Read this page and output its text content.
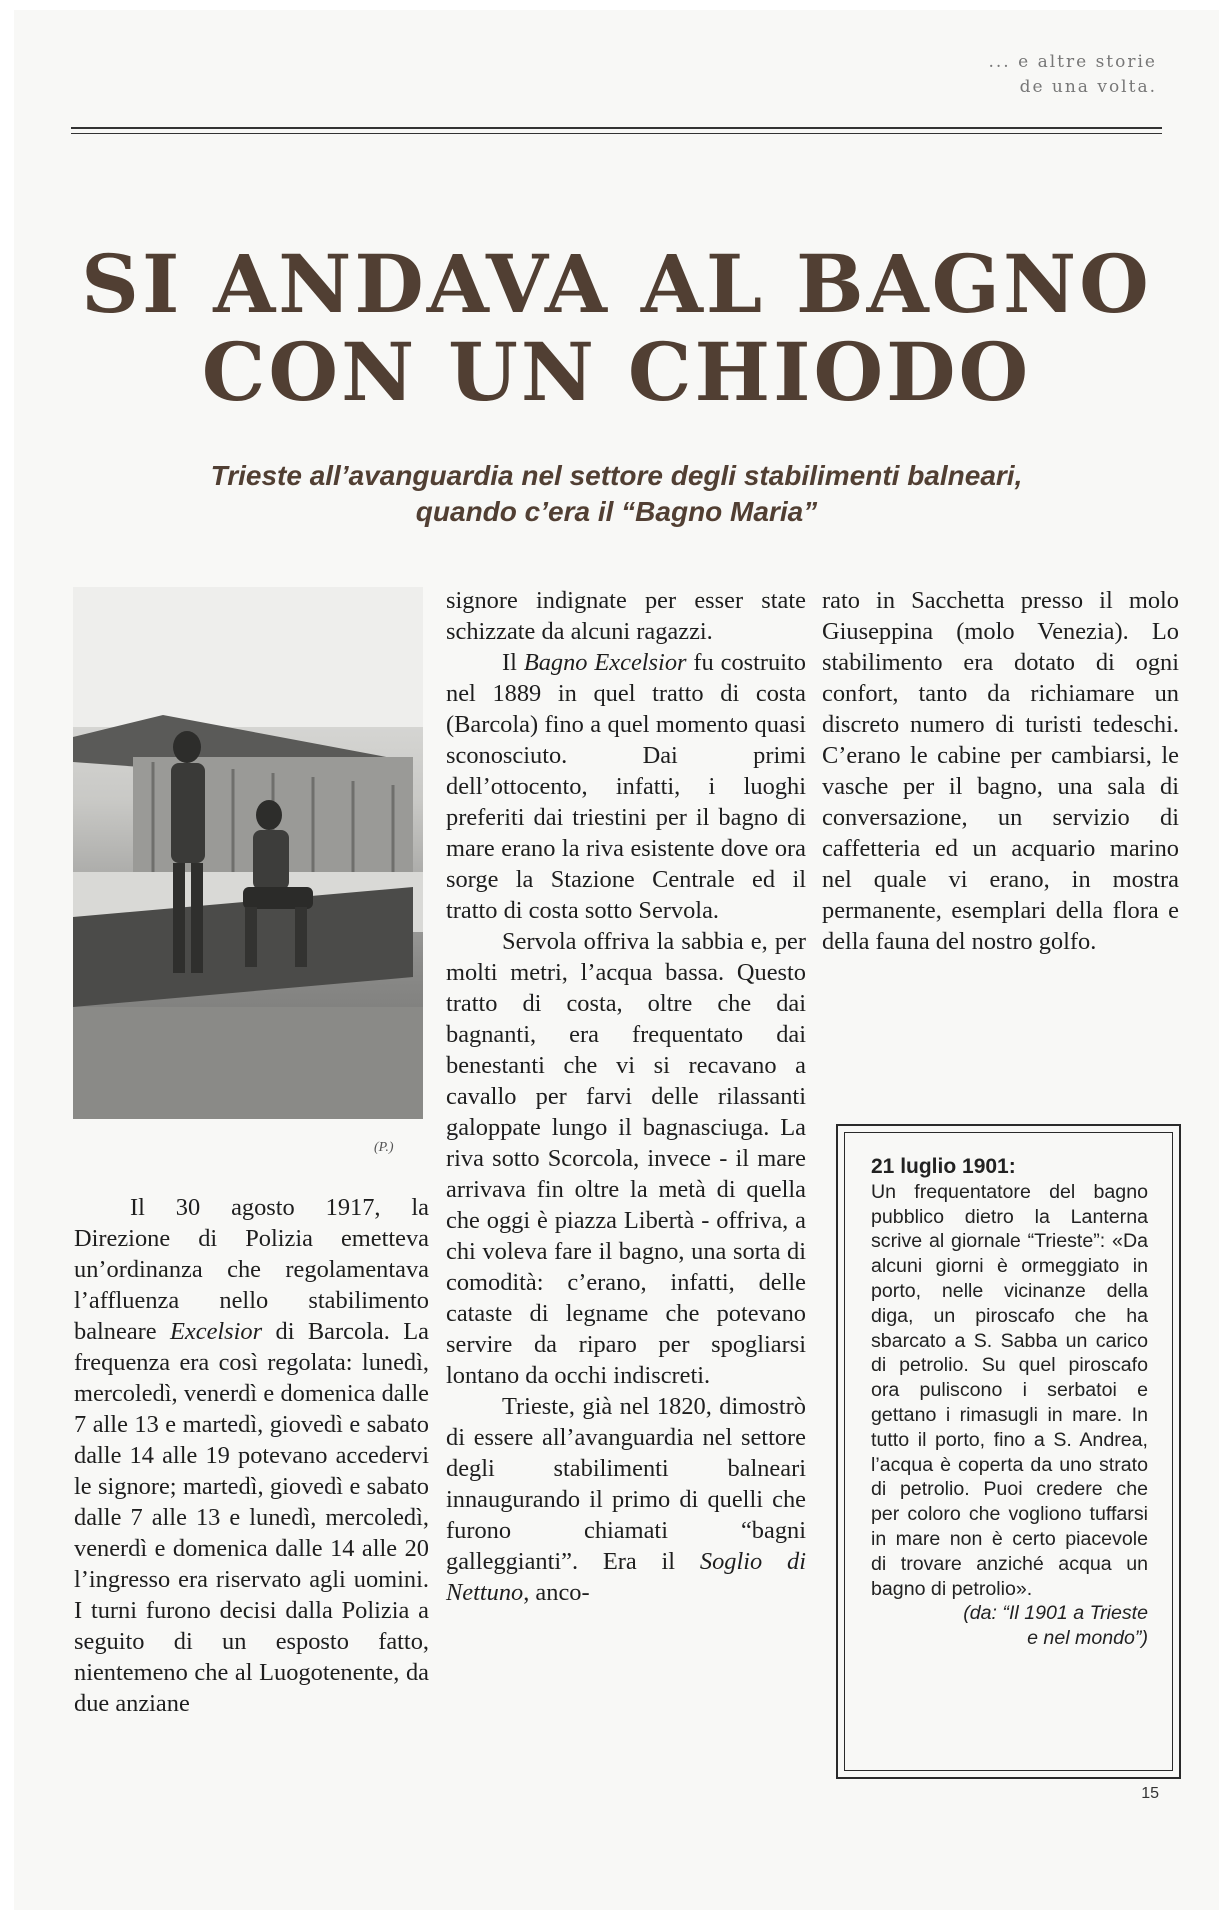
... e altre storie
de una volta.
SI ANDAVA AL BAGNO
CON UN CHIODO
Trieste all’avanguardia nel settore degli stabilimenti balneari,
quando c’era il “Bagno Maria”
(P.)

Il 30 agosto 1917, la Direzione di Polizia emetteva un’ordinanza che regolamentava l’affluenza nello stabilimento balneare Excelsior di Barcola. La frequenza era così regolata: lunedì, mercoledì, venerdì e domenica dalle 7 alle 13 e martedì, giovedì e sabato dalle 14 alle 19 potevano accedervi le signore; martedì, giovedì e sabato dalle 7 alle 13 e lunedì, mercoledì, venerdì e domenica dalle 14 alle 20 l’ingresso era riservato agli uomini. I turni furono decisi dalla Polizia a seguito di un esposto fatto, nientemeno che al Luogotenente, da due anziane

signore indignate per esser state schizzate da alcuni ragazzi.

Il Bagno Excelsior fu costruito nel 1889 in quel tratto di costa (Barcola) fino a quel momento quasi sconosciuto. Dai primi dell’ottocento, infatti, i luoghi preferiti dai triestini per il bagno di mare erano la riva esistente dove ora sorge la Stazione Centrale ed il tratto di costa sotto Servola.

Servola offriva la sabbia e, per molti metri, l’acqua bassa. Questo tratto di costa, oltre che dai bagnanti, era frequentato dai benestanti che vi si recavano a cavallo per farvi delle rilassanti galoppate lungo il bagnasciuga. La riva sotto Scorcola, invece - il mare arrivava fin oltre la metà di quella che oggi è piazza Libertà - offriva, a chi voleva fare il bagno, una sorta di comodità: c’erano, infatti, delle cataste di legname che potevano servire da riparo per spogliarsi lontano da occhi indiscreti.

Trieste, già nel 1820, dimostrò di essere all’avanguardia nel settore degli stabilimenti balneari innaugurando il primo di quelli che furono chiamati “bagni galleggianti”. Era il Soglio di Nettuno, anco-

rato in Sacchetta presso il molo Giuseppina (molo Venezia). Lo stabilimento era dotato di ogni confort, tanto da richiamare un discreto numero di turisti tedeschi. C’erano le cabine per cambiarsi, le vasche per il bagno, una sala di conversazione, un servizio di caffetteria ed un acquario marino nel quale vi erano, in mostra permanente, esemplari della flora e della fauna del nostro golfo.

21 luglio 1901:
Un frequentatore del bagno pubblico dietro la Lanterna scrive al giornale “Trieste”: «Da alcuni giorni è ormeggiato in porto, nelle vicinanze della diga, un piroscafo che ha sbarcato a S. Sabba un carico di petrolio. Su quel piroscafo ora puliscono i serbatoi e gettano i rimasugli in mare. In tutto il porto, fino a S. Andrea, l’acqua è coperta da uno strato di petrolio. Puoi credere che per coloro che vogliono tuffarsi in mare non è certo piacevole di trovare anziché acqua un bagno di petrolio».
(da: “Il 1901 a Trieste
e nel mondo”)
15
